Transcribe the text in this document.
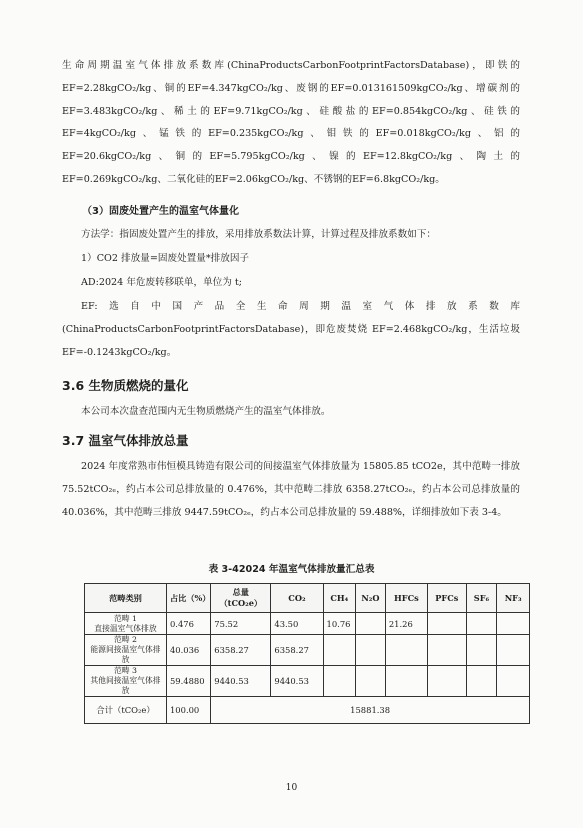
生命周期温室气体排放系数库(ChinaProductsCarbonFootprintFactorsDatabase)，即铁的EF=2.28kgCO₂/kg、铜的EF=4.347kgCO₂/kg、废钢的EF=0.013161509kgCO₂/kg、增碳剂的EF=3.483kgCO₂/kg、稀土的EF=9.71kgCO₂/kg、硅酸盐的EF=0.854kgCO₂/kg、硅铁的EF=4kgCO₂/kg、锰铁的EF=0.235kgCO₂/kg、钼铁的EF=0.018kgCO₂/kg、铝的EF=20.6kgCO₂/kg、铜的EF=5.795kgCO₂/kg、镍的EF=12.8kgCO₂/kg、陶土的EF=0.269kgCO₂/kg、二氧化硅的EF=2.06kgCO₂/kg、不锈钢的EF=6.8kgCO₂/kg。

（3）固废处置产生的温室气体量化
方法学：指固废处置产生的排放，采用排放系数法计算，计算过程及排放系数如下：
1）CO2 排放量=固废处置量*排放因子
AD:2024 年危废转移联单，单位为 t;

EF:选自中国产品全生命周期温室气体排放系数库(ChinaProductsCarbonFootprintFactorsDatabase)，即危废焚烧 EF=2.468kgCO₂/kg，生活垃圾 EF=-0.1243kgCO₂/kg。

3.6 生物质燃烧的量化
本公司本次盘查范围内无生物质燃烧产生的温室气体排放。
3.7 温室气体排放总量

2024 年度常熟市伟恒模具铸造有限公司的间接温室气体排放量为 15805.85 tCO2e，其中范畴一排放 75.52tCO₂ₑ，约占本公司总排放量的 0.476%，其中范畴二排放 6358.27tCO₂ₑ，约占本公司总排放量的 40.036%，其中范畴三排放 9447.59tCO₂ₑ，约占本公司总排放量的 59.488%，详细排放如下表 3-4。

表 3-42024 年温室气体排放量汇总表
范畴类别	占比（%）	总量（tCO₂e）	CO₂	CH₄	N₂O	HFCs	PFCs	SF₆	NF₃

范畴 1
直接温室气体排放	0.476	75.52	43.50	10.76		21.26			

范畴 2
能源间接温室气体排放	40.036	6358.27	6358.27						

范畴 3
其他间接温室气体排放	59.4880	9440.53	9440.53						
合计（tCO₂e）	100.00	15881.38							
10
